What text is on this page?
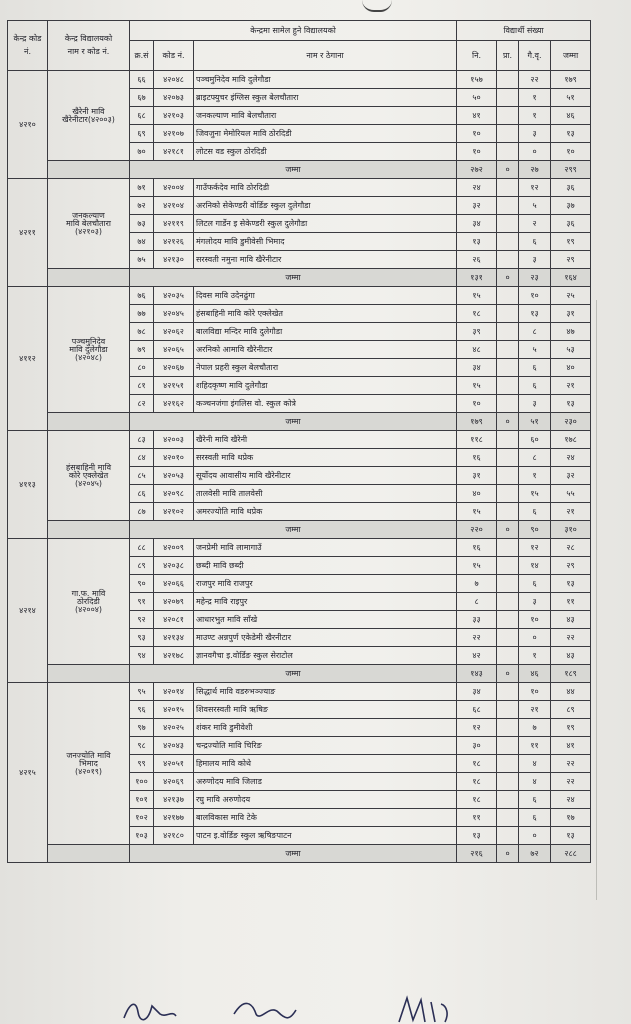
केन्द्र कोड नं.	केन्द्र विद्यालयको
नाम र कोड नं.	केन्द्रमा सामेल हुने विद्यालयको			विद्यार्थी संख्या			
		क्र.सं	कोड नं.	नाम र ठेगाना	नि.	प्रा.	गै.वृ.	जम्मा
४२१०	खैरेनी मावि
खैरेनीटार(४२००३)	६६	४२०४८	पञ्चमुनिदेव मावि दुलेगौडा	१५७		२२	१७९
		६७	४२०७३	ब्राइटफ्युचर इंग्लिस स्कुल बेलचौतारा	५०		१	५१
		६८	४२१०३	जनकल्याण मावि बेलचौतारा	४१		१	४६
		६९	४२१०७	जिवजुना मेमोरियल मावि ठोरदिडी	१०		३	१३
		७०	४२१८१	लोटस वड स्कुल ठोरदिडी	१०		०	१०
		जम्मा			२७२	०	२७	२९९
४२११	जनकल्याण
मावि बेलचौतारा
(४२१०३)	७१	४२००४	गाउँफर्कदेव मावि ठोरदिडी	२४		१२	३६
		७२	४२१०४	अरनिको सेकेण्डरी वोर्डिङ स्कुल दुलेगौडा	३२		५	३७
		७३	४२११९	लिटल गार्डेन इ सेकेण्डरी स्कुल दुलेगौडा	३४		२	३६
		७४	४२१२६	मंगलोदय मावि डुमीवेसी भिमाद	१३		६	१९
		७५	४२१३०	सरस्वती नमुना मावि खैरेनीटार	२६		३	२९
		जम्मा			१३१	०	२३	१६४
४११२	पञ्चमुनिदेव
मावि दुलेगौडा
(४२०४८)	७६	४२०३५	दिवस मावि उदेनढुंगा	१५		१०	२५
		७७	४२०४५	हंसबाहिनी मावि कोरे एक्लेखेत	१८		१३	३१
		७८	४२०६२	बालविद्या मन्दिर मावि दुलेगौडा	३९		८	४७
		७९	४२०६५	अरनिको आमावि खैरेनीटार	४८		५	५३
		८०	४२०६७	नेपाल प्रहरी स्कुल बेलचौतारा	३४		६	४०
		८१	४२१५१	शहिदकृष्ण मावि दुलेगौडा	१५		६	२१
		८२	४२१६२	कञ्चनजंगा इंगलिस वो. स्कुल कोत्रे	१०		३	१३
		जम्मा			१७९	०	५१	२३०
४११३	हंसबाहिनी मावि
कोरे एक्लेखेत
(४२०४५)	८३	४२००३	खैरेनी मावि खैरेनी	११८		६०	१७८
		८४	४२०१०	सरस्वती मावि थप्रेक	१६		८	२४
		८५	४२०५३	सूर्योदय आवासीय मावि खैरेनीटार	३१		१	३२
		८६	४२०९८	तालवेसी मावि तालवेसी	४०		१५	५५
		८७	४२१०२	अमरज्योति मावि थप्रेक	१५		६	२१
		जम्मा			२२०	०	९०	३१०
४२१४	गा.फ. मावि
ठोरदिडी
(४२००४)	८८	४२००९	जनप्रेमी मावि लामागाउँ	१६		१२	२८
		८९	४२०३८	छब्दी मावि छब्दी	१५		१४	२९
		९०	४२०६६	राजपुर मावि राजपुर	७		६	१३
		९१	४२०७९	महेन्द्र मावि राइपुर	८		३	११
		९२	४२०८१	आधारभुत मावि साँखे	३३		१०	४३
		९३	४२१३४	माउण्ट अन्नपुर्ण एकेडेमी खैरनीटार	२२		०	२२
		९४	४२१७८	ज्ञानवगैचा इ.वोर्डिङ स्कुल सेराटोल	४२		१	४३
		जम्मा			१४३	०	४६	१८९
४२१५	जनज्योति मावि
भिमाद
(४२०१९)	९५	४२०१४	सिद्धार्थ मावि वडरुभञ्ज्याङ	३४		१०	४४
		९६	४२०१५	शिवसरस्वती मावि ऋषिङ	६८		२१	८९
		९७	४२०२५	शंकर मावि डुमीवेशी	१२		७	१९
		९८	४२०४३	चन्द्रज्योति मावि चिरिङ	३०		११	४१
		९९	४२०५१	हिमालय मावि कोथे	१८		४	२२
		१००	४२०६९	अरुणोदय मावि जिलाड	१८		४	२२
		१०१	४२१३७	रघु मावि अरुणोदय	१८		६	२४
		१०२	४२१७७	बालविकास मावि टेके	११		६	१७
		१०३	४२१८०	पाटन इ.वोर्डिङ स्कुल ऋषिङपाटन	१३		०	१३
		जम्मा			२१६	०	७२	२८८
